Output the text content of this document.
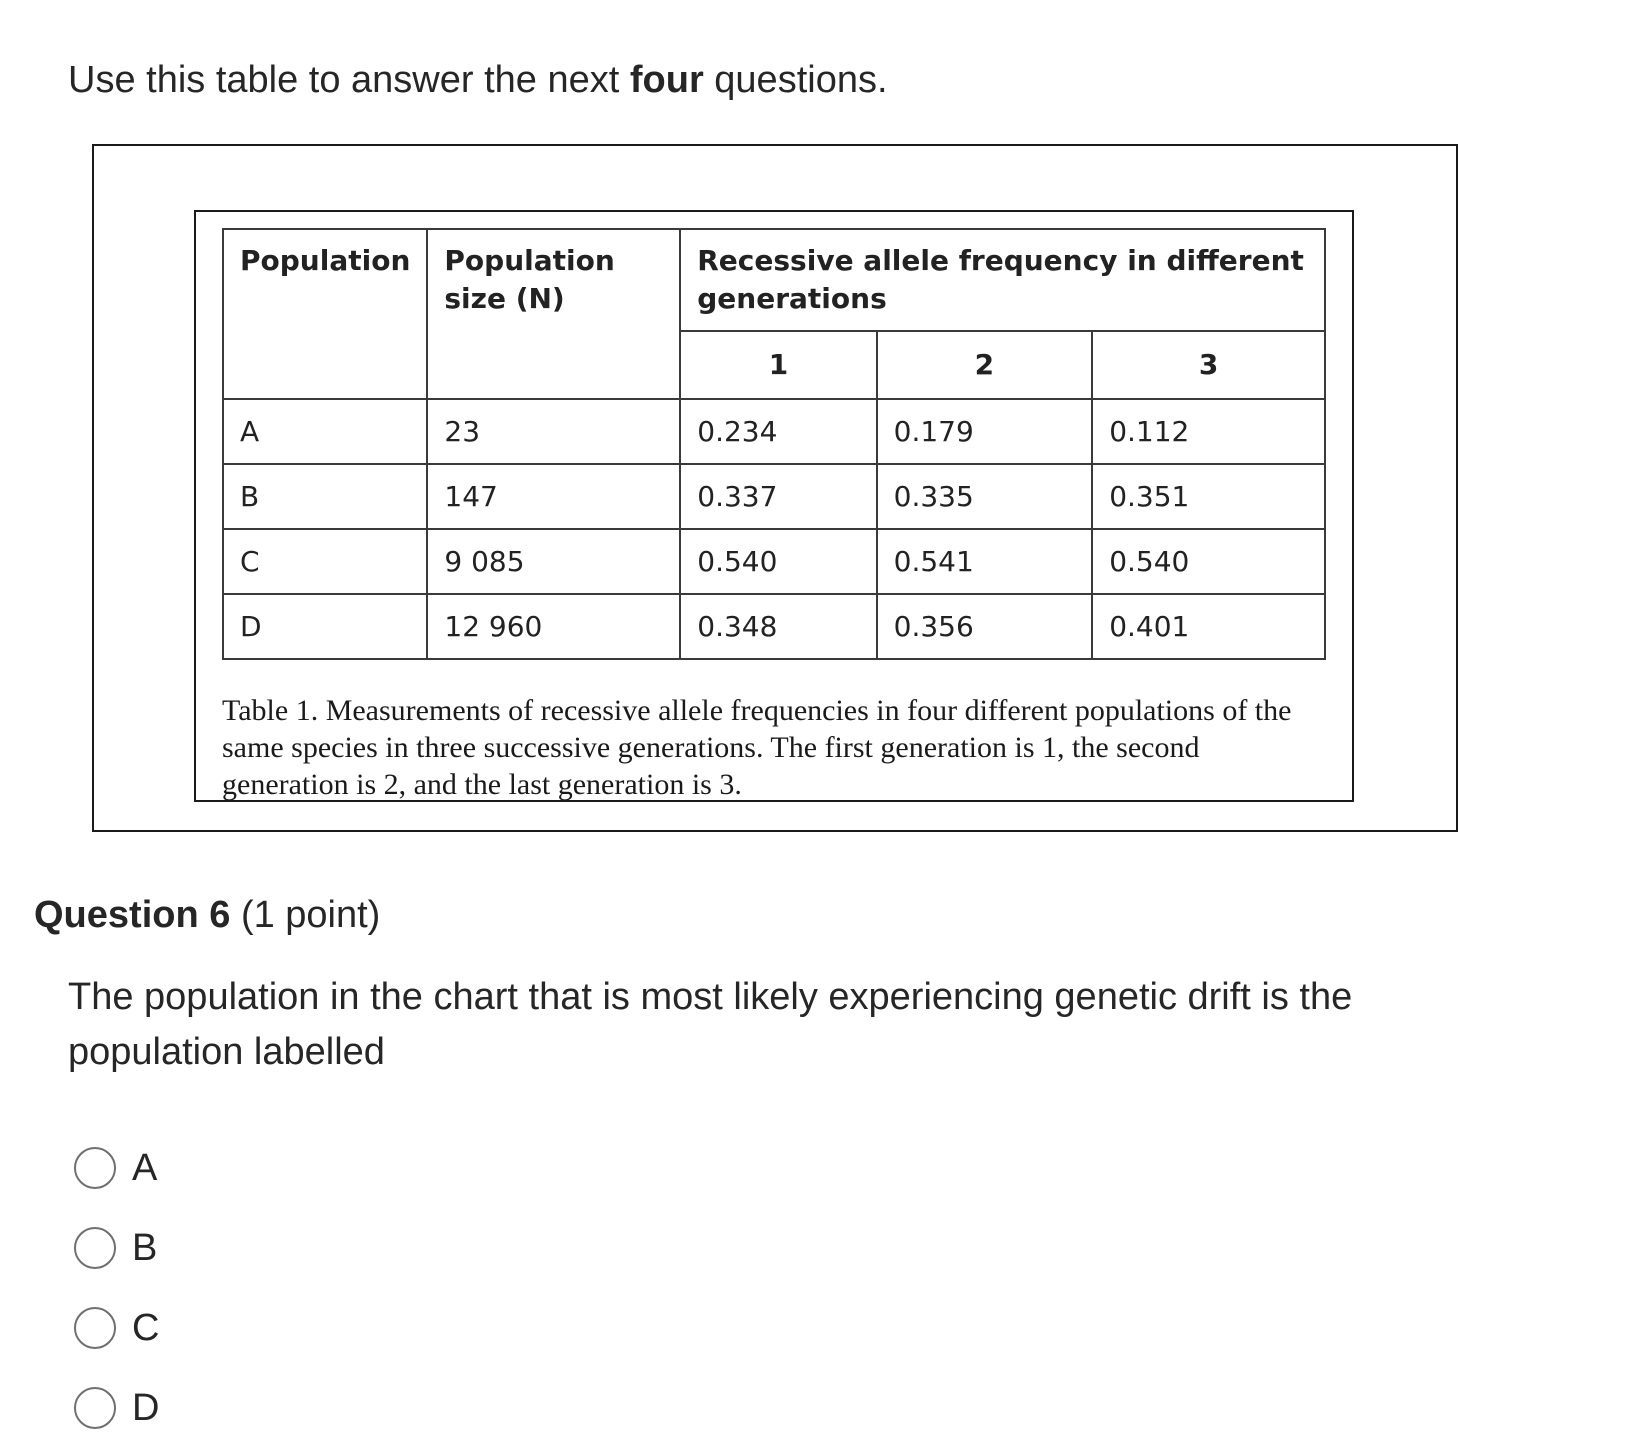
Use this table to answer the next four questions.

Population	Population size (N)	Recessive allele frequency in different generations		
		1	2	3
A	23	0.234	0.179	0.112
B	147	0.337	0.335	0.351
C	9 085	0.540	0.541	0.540
D	12 960	0.348	0.356	0.401

Table 1. Measurements of recessive allele frequencies in four different populations of the same species in three successive generations. The first generation is 1, the second generation is 2, and the last generation is 3.

Question 6 (1 point)

The population in the chart that is most likely experiencing genetic drift is the population labelled

A
B
C
D
